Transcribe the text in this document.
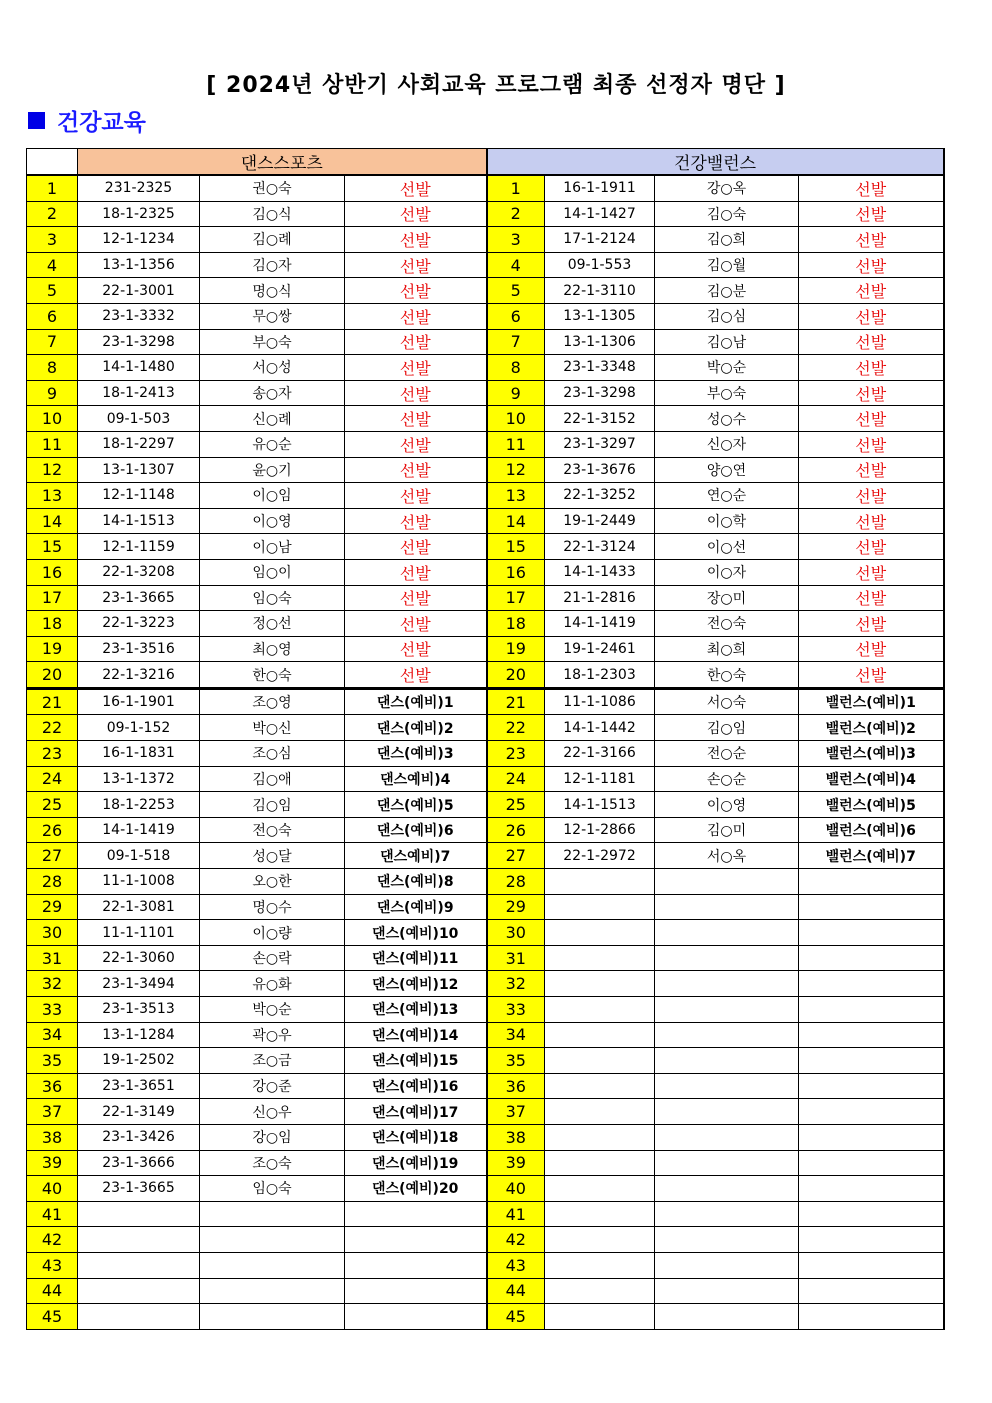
[ 2024년 상반기 사회교육 프로그램 최종 선정자 명단 ]
건강교육
	댄스스포츠			건강밸런스			
1	231-2325	권○숙	선발	1	16-1-1911	강○옥	선발
2	18-1-2325	김○식	선발	2	14-1-1427	김○숙	선발
3	12-1-1234	김○례	선발	3	17-1-2124	김○희	선발
4	13-1-1356	김○자	선발	4	09-1-553	김○월	선발
5	22-1-3001	명○식	선발	5	22-1-3110	김○분	선발
6	23-1-3332	무○쌍	선발	6	13-1-1305	김○심	선발
7	23-1-3298	부○숙	선발	7	13-1-1306	김○남	선발
8	14-1-1480	서○성	선발	8	23-1-3348	박○순	선발
9	18-1-2413	송○자	선발	9	23-1-3298	부○숙	선발
10	09-1-503	신○례	선발	10	22-1-3152	성○수	선발
11	18-1-2297	유○순	선발	11	23-1-3297	신○자	선발
12	13-1-1307	윤○기	선발	12	23-1-3676	양○연	선발
13	12-1-1148	이○임	선발	13	22-1-3252	연○순	선발
14	14-1-1513	이○영	선발	14	19-1-2449	이○학	선발
15	12-1-1159	이○남	선발	15	22-1-3124	이○선	선발
16	22-1-3208	임○이	선발	16	14-1-1433	이○자	선발
17	23-1-3665	임○숙	선발	17	21-1-2816	장○미	선발
18	22-1-3223	정○선	선발	18	14-1-1419	전○숙	선발
19	23-1-3516	최○영	선발	19	19-1-2461	최○희	선발
20	22-1-3216	한○숙	선발	20	18-1-2303	한○숙	선발
21	16-1-1901	조○영	댄스(예비)1	21	11-1-1086	서○숙	밸런스(예비)1
22	09-1-152	박○신	댄스(예비)2	22	14-1-1442	김○임	밸런스(예비)2
23	16-1-1831	조○심	댄스(예비)3	23	22-1-3166	전○순	밸런스(예비)3
24	13-1-1372	김○애	댄스예비)4	24	12-1-1181	손○순	밸런스(예비)4
25	18-1-2253	김○임	댄스(예비)5	25	14-1-1513	이○영	밸런스(예비)5
26	14-1-1419	전○숙	댄스(예비)6	26	12-1-2866	김○미	밸런스(예비)6
27	09-1-518	성○달	댄스예비)7	27	22-1-2972	서○옥	밸런스(예비)7
28	11-1-1008	오○한	댄스(예비)8	28			
29	22-1-3081	명○수	댄스(예비)9	29			
30	11-1-1101	이○량	댄스(예비)10	30			
31	22-1-3060	손○락	댄스(예비)11	31			
32	23-1-3494	유○화	댄스(예비)12	32			
33	23-1-3513	박○순	댄스(예비)13	33			
34	13-1-1284	곽○우	댄스(예비)14	34			
35	19-1-2502	조○금	댄스(예비)15	35			
36	23-1-3651	강○준	댄스(예비)16	36			
37	22-1-3149	신○우	댄스(예비)17	37			
38	23-1-3426	강○임	댄스(예비)18	38			
39	23-1-3666	조○숙	댄스(예비)19	39			
40	23-1-3665	임○숙	댄스(예비)20	40			
41				41			
42				42			
43				43			
44				44			
45				45			
